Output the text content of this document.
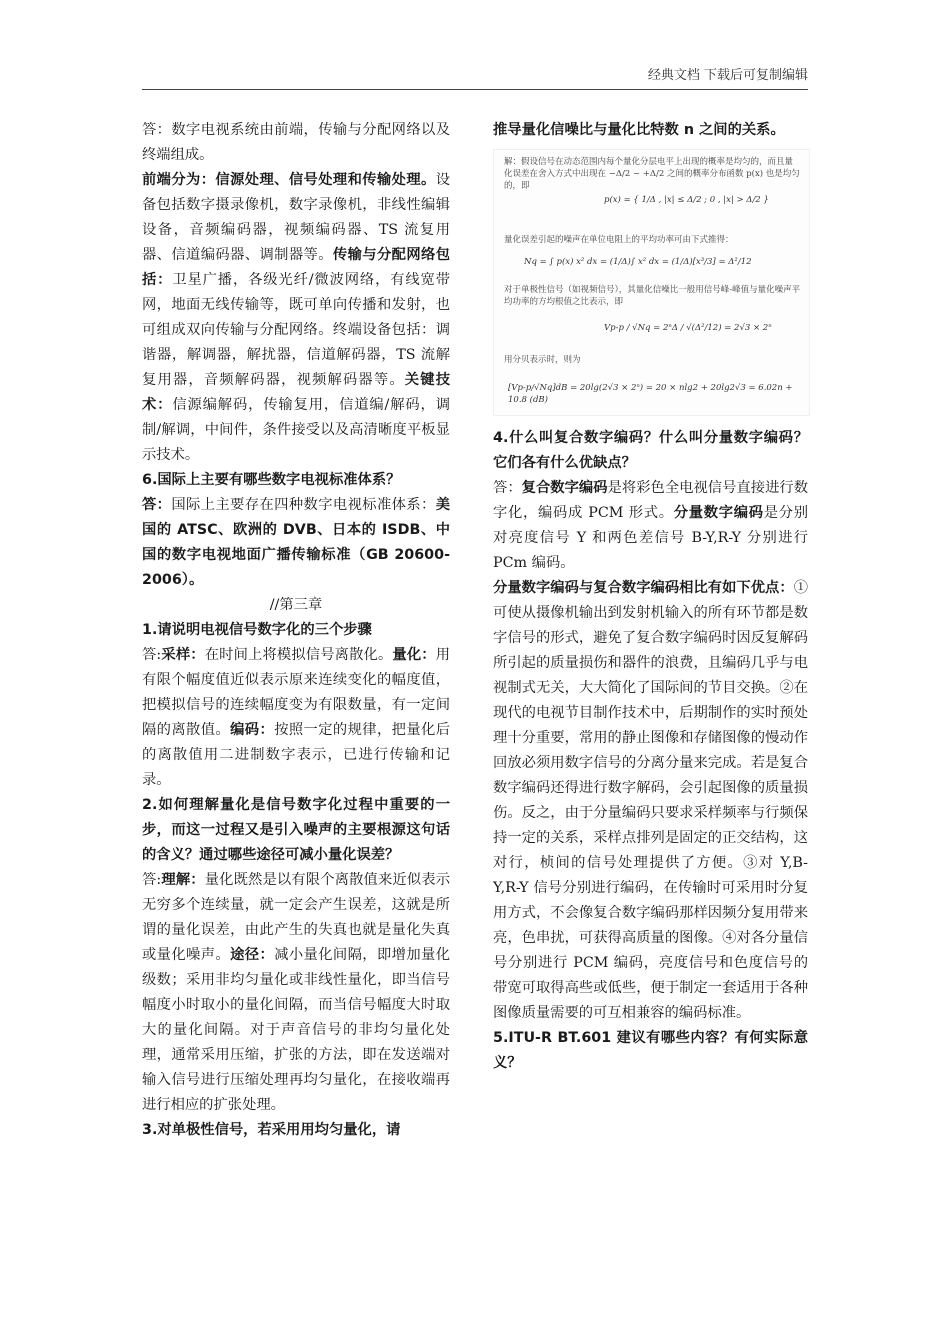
经典文档 下载后可复制编辑

答：数字电视系统由前端，传输与分配网络以及终端组成。

前端分为：信源处理、信号处理和传输处理。设备包括数字摄录像机，数字录像机，非线性编辑设备，音频编码器，视频编码器、TS 流复用器、信道编码器、调制器等。传输与分配网络包括：卫星广播，各级光纤/微波网络，有线宽带网，地面无线传输等，既可单向传播和发射，也可组成双向传输与分配网络。终端设备包括：调谐器，解调器，解扰器，信道解码器，TS 流解复用器，音频解码器，视频解码器等。关键技术：信源编解码，传输复用，信道编/解码，调制/解调，中间件，条件接受以及高清晰度平板显示技术。

6.国际上主要有哪些数字电视标准体系？

答：国际上主要存在四种数字电视标准体系：美国的 ATSC、欧洲的 DVB、日本的 ISDB、中国的数字电视地面广播传输标准（GB 20600-2006）。

//第三章

1.请说明电视信号数字化的三个步骤

答:采样：在时间上将模拟信号离散化。量化：用有限个幅度值近似表示原来连续变化的幅度值，把模拟信号的连续幅度变为有限数量，有一定间隔的离散值。编码：按照一定的规律，把量化后的离散值用二进制数字表示，已进行传输和记录。

2.如何理解量化是信号数字化过程中重要的一步，而这一过程又是引入噪声的主要根源这句话的含义？通过哪些途径可减小量化误差？

答:理解：量化既然是以有限个离散值来近似表示无穷多个连续量，就一定会产生误差，这就是所谓的量化误差，由此产生的失真也就是量化失真或量化噪声。途径：减小量化间隔，即增加量化级数；采用非均匀量化或非线性量化，即当信号幅度小时取小的量化间隔，而当信号幅度大时取大的量化间隔。对于声音信号的非均匀量化处理，通常采用压缩，扩张的方法，即在发送端对输入信号进行压缩处理再均匀量化，在接收端再进行相应的扩张处理。

3.对单极性信号，若采用用均匀量化，请

推导量化信噪比与量化比特数 n 之间的关系。

解：假设信号在动态范围内每个量化分层电平上出现的概率是均匀的，而且量化误差在舍入方式中出现在 −Δ/2 ~ +Δ/2 之间的概率分布函数 p(x) 也是均匀的，即
p(x) = { 1/Δ , |x| ≤ Δ/2 ; 0 , |x| > Δ/2 }
量化误差引起的噪声在单位电阻上的平均功率可由下式推得：
Nq = ∫ p(x) x² dx = (1/Δ)∫ x² dx = (1/Δ)[x³/3] = Δ²/12
对于单极性信号（如视频信号），其量化信噪比一般用信号峰-峰值与量化噪声平均功率的方均根值之比表示，即
Vp-p / √Nq = 2ⁿΔ / √(Δ²/12) = 2√3 × 2ⁿ
用分贝表示时，则为
[Vp-p/√Nq]dB = 20lg(2√3 × 2ⁿ) = 20 × nlg2 + 20lg2√3 = 6.02n + 10.8 (dB)

4.什么叫复合数字编码？什么叫分量数字编码？它们各有什么优缺点？

答：复合数字编码是将彩色全电视信号直接进行数字化，编码成 PCM 形式。分量数字编码是分别对亮度信号 Y 和两色差信号 B-Y,R-Y 分别进行 PCm 编码。

分量数字编码与复合数字编码相比有如下优点：①可使从摄像机输出到发射机输入的所有环节都是数字信号的形式，避免了复合数字编码时因反复解码所引起的质量损伤和器件的浪费，且编码几乎与电视制式无关，大大简化了国际间的节目交换。②在现代的电视节目制作技术中，后期制作的实时预处理十分重要，常用的静止图像和存储图像的慢动作回放必须用数字信号的分离分量来完成。若是复合数字编码还得进行数字解码，会引起图像的质量损伤。反之，由于分量编码只要求采样频率与行频保持一定的关系，采样点排列是固定的正交结构，这对行，桢间的信号处理提供了方便。③对 Y,B-Y,R-Y 信号分别进行编码，在传输时可采用时分复用方式，不会像复合数字编码那样因频分复用带来亮，色串扰，可获得高质量的图像。④对各分量信号分别进行 PCM 编码，亮度信号和色度信号的带宽可取得高些或低些，便于制定一套适用于各种图像质量需要的可互相兼容的编码标准。

5.ITU-R BT.601 建议有哪些内容？有何实际意义？
